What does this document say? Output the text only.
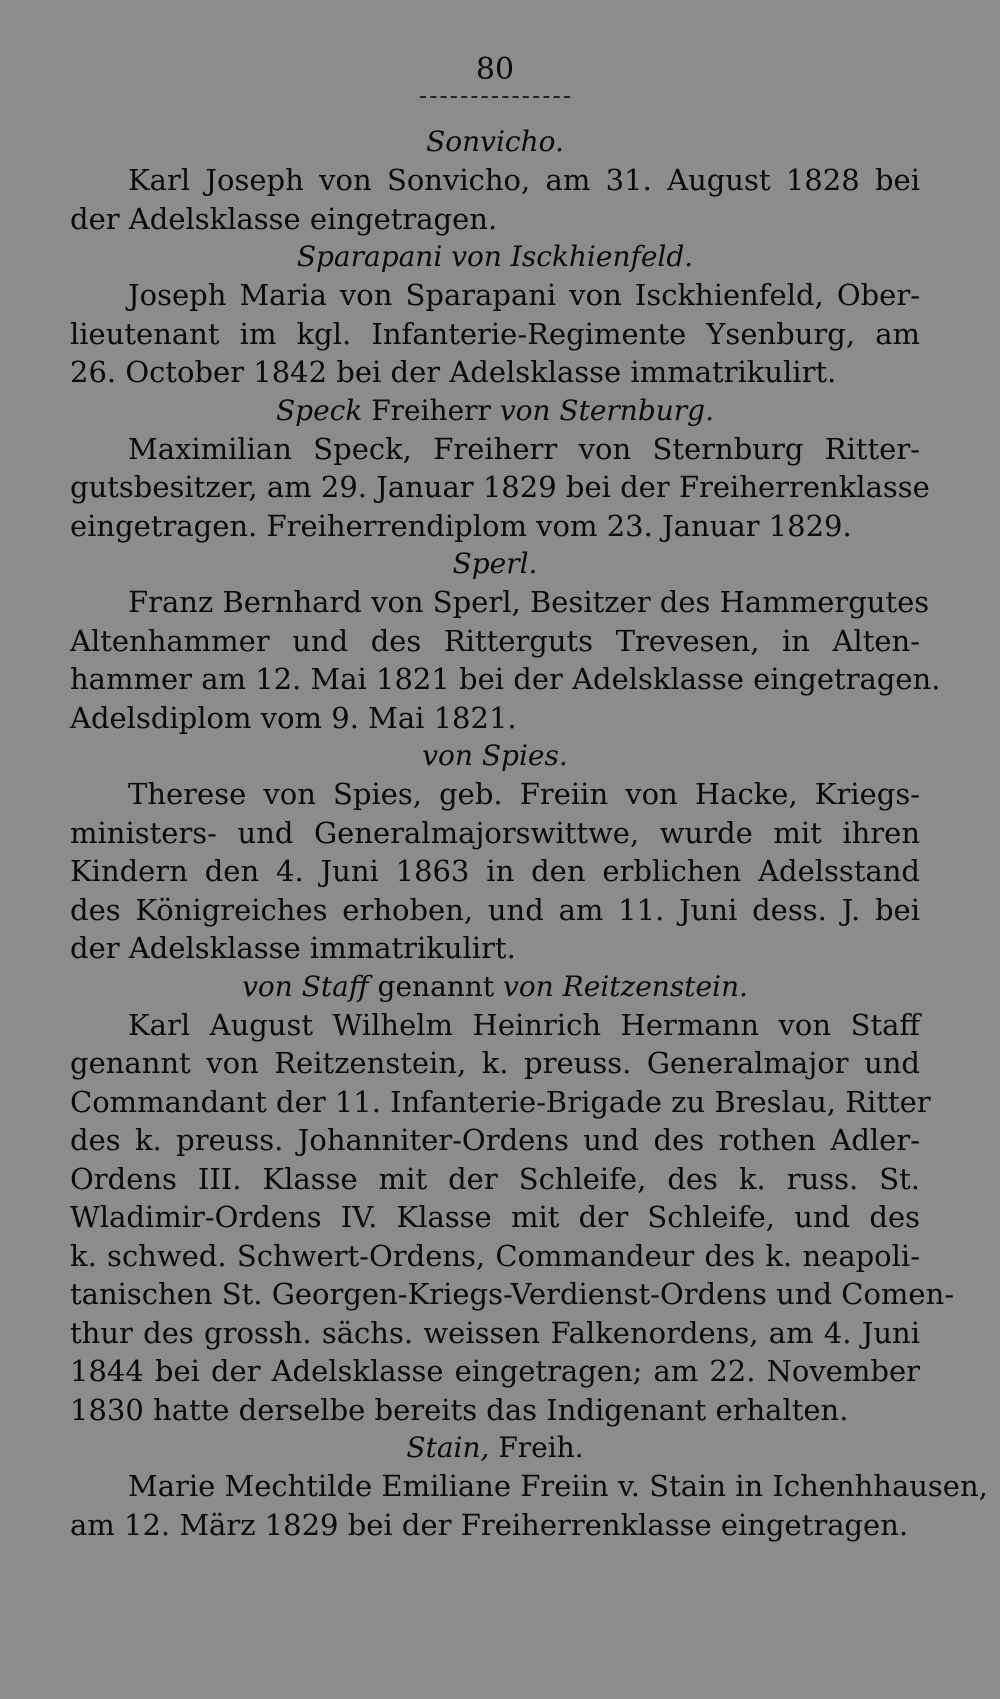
80

Sonvicho.

Karl Joseph von Sonvicho, am 31. August 1828 bei
der Adelsklasse eingetragen.

Sparapani von Isckhienfeld.

Joseph Maria von Sparapani von Isckhienfeld, Ober-
lieutenant im kgl. Infanterie-Regimente Ysenburg, am
26. October 1842 bei der Adelsklasse immatrikulirt.

Speck Freiherr von Sternburg.

Maximilian Speck, Freiherr von Sternburg Ritter-
gutsbesitzer, am 29. Januar 1829 bei der Freiherrenklasse
eingetragen. Freiherrendiplom vom 23. Januar 1829.

Sperl.

Franz Bernhard von Sperl, Besitzer des Hammergutes
Altenhammer und des Ritterguts Trevesen, in Alten-
hammer am 12. Mai 1821 bei der Adelsklasse eingetragen.
Adelsdiplom vom 9. Mai 1821.

von Spies.

Therese von Spies, geb. Freiin von Hacke, Kriegs-
ministers- und Generalmajorswittwe, wurde mit ihren
Kindern den 4. Juni 1863 in den erblichen Adelsstand
des Königreiches erhoben, und am 11. Juni dess. J. bei
der Adelsklasse immatrikulirt.

von Staff genannt von Reitzenstein.

Karl August Wilhelm Heinrich Hermann von Staff
genannt von Reitzenstein, k. preuss. Generalmajor und
Commandant der 11. Infanterie-Brigade zu Breslau, Ritter
des k. preuss. Johanniter-Ordens und des rothen Adler-
Ordens III. Klasse mit der Schleife, des k. russ. St.
Wladimir-Ordens IV. Klasse mit der Schleife, und des
k. schwed. Schwert-Ordens, Commandeur des k. neapoli-
tanischen St. Georgen-Kriegs-Verdienst-Ordens und Comen-
thur des grossh. sächs. weissen Falkenordens, am 4. Juni
1844 bei der Adelsklasse eingetragen; am 22. November
1830 hatte derselbe bereits das Indigenant erhalten.

Stain, Freih.

Marie Mechtilde Emiliane Freiin v. Stain in Ichenhhausen,
am 12. März 1829 bei der Freiherrenklasse eingetragen.
